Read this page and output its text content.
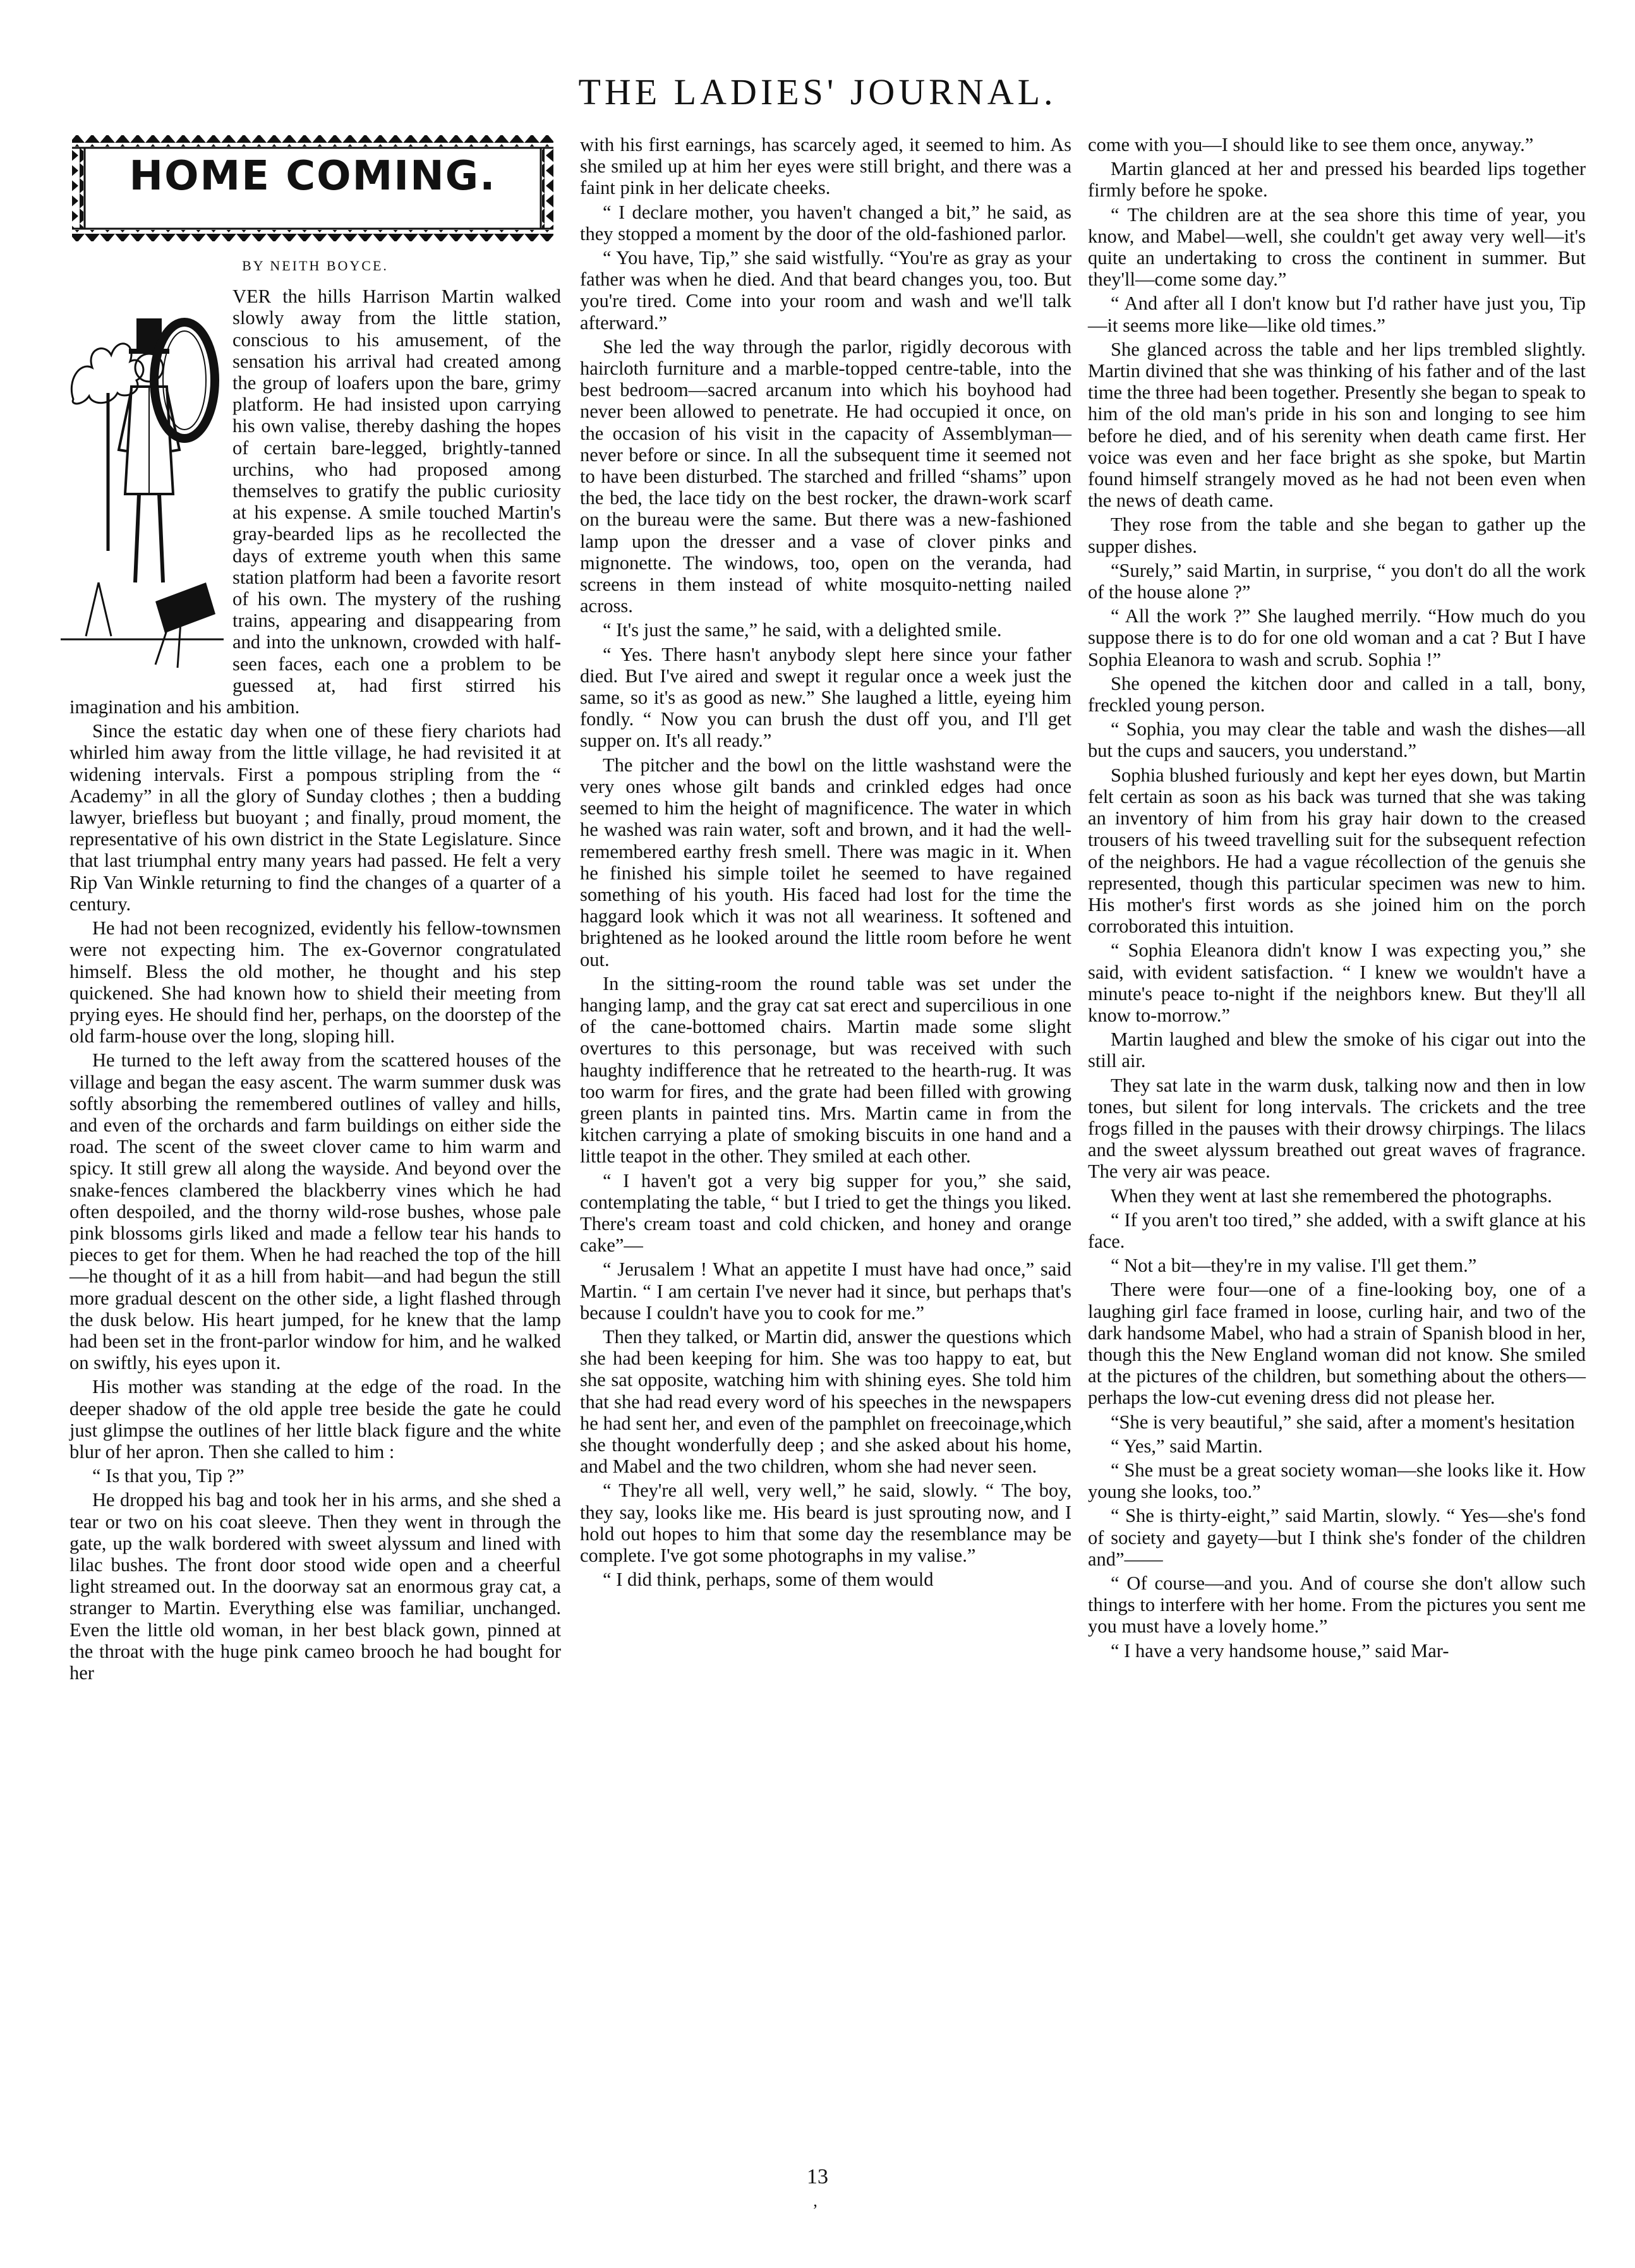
THE LADIES' JOURNAL.
HOME COMING.
BY NEITH BOYCE.

VER the hills Harrison Martin walked slowly away from the little station, conscious to his amusement, of the sensation his arrival had created among the group of loafers upon the bare, grimy platform. He had insisted upon carrying his own valise, thereby dashing the hopes of certain bare-legged, brightly-tanned urchins, who had proposed among themselves to gratify the public curiosity at his expense. A smile touched Martin's gray-bearded lips as he recollected the days of extreme youth when this same station platform had been a favorite resort of his own. The mystery of the rushing trains, appearing and disappearing from and into the unknown, crowded with half-seen faces, each one a problem to be guessed at, had first stirred his imagination and his ambition.

Since the estatic day when one of these fiery chariots had whirled him away from the little village, he had revisited it at widening intervals. First a pompous stripling from the “ Academy” in all the glory of Sunday clothes ; then a budding lawyer, briefless but buoyant ; and finally, proud moment, the representative of his own district in the State Legislature. Since that last triumphal entry many years had passed. He felt a very Rip Van Winkle returning to find the changes of a quarter of a century.

He had not been recognized, evidently his fellow-townsmen were not expecting him. The ex-Governor congratulated himself. Bless the old mother, he thought and his step quickened. She had known how to shield their meeting from prying eyes. He should find her, perhaps, on the doorstep of the old farm-house over the long, sloping hill.

He turned to the left away from the scattered houses of the village and began the easy ascent. The warm summer dusk was softly absorbing the remembered outlines of valley and hills, and even of the orchards and farm buildings on either side the road. The scent of the sweet clover came to him warm and spicy. It still grew all along the wayside. And beyond over the snake-fences clambered the blackberry vines which he had often despoiled, and the thorny wild-rose bushes, whose pale pink blossoms girls liked and made a fellow tear his hands to pieces to get for them. When he had reached the top of the hill—he thought of it as a hill from habit—and had begun the still more gradual descent on the other side, a light flashed through the dusk below. His heart jumped, for he knew that the lamp had been set in the front-parlor window for him, and he walked on swiftly, his eyes upon it.

His mother was standing at the edge of the road. In the deeper shadow of the old apple tree beside the gate he could just glimpse the outlines of her little black figure and the white blur of her apron. Then she called to him :

“ Is that you, Tip ?”

He dropped his bag and took her in his arms, and she shed a tear or two on his coat sleeve. Then they went in through the gate, up the walk bordered with sweet alyssum and lined with lilac bushes. The front door stood wide open and a cheerful light streamed out. In the doorway sat an enormous gray cat, a stranger to Martin. Everything else was familiar, unchanged. Even the little old woman, in her best black gown, pinned at the throat with the huge pink cameo brooch he had bought for her

with his first earnings, has scarcely aged, it seemed to him. As she smiled up at him her eyes were still bright, and there was a faint pink in her delicate cheeks.

“ I declare mother, you haven't changed a bit,” he said, as they stopped a moment by the door of the old-fashioned parlor.

“ You have, Tip,” she said wistfully. “You're as gray as your father was when he died. And that beard changes you, too. But you're tired. Come into your room and wash and we'll talk afterward.”

She led the way through the parlor, rigidly decorous with haircloth furniture and a marble-topped centre-table, into the best bedroom—sacred arcanum into which his boyhood had never been allowed to penetrate. He had occupied it once, on the occasion of his visit in the capacity of Assemblyman—never before or since. In all the subsequent time it seemed not to have been disturbed. The starched and frilled “shams” upon the bed, the lace tidy on the best rocker, the drawn-work scarf on the bureau were the same. But there was a new-fashioned lamp upon the dresser and a vase of clover pinks and mignonette. The windows, too, open on the veranda, had screens in them instead of white mosquito-netting nailed across.

“ It's just the same,” he said, with a delighted smile.

“ Yes. There hasn't anybody slept here since your father died. But I've aired and swept it regular once a week just the same, so it's as good as new.” She laughed a little, eyeing him fondly. “ Now you can brush the dust off you, and I'll get supper on. It's all ready.”

The pitcher and the bowl on the little washstand were the very ones whose gilt bands and crinkled edges had once seemed to him the height of magnificence. The water in which he washed was rain water, soft and brown, and it had the well-remembered earthy fresh smell. There was magic in it. When he finished his simple toilet he seemed to have regained something of his youth. His faced had lost for the time the haggard look which it was not all weariness. It softened and brightened as he looked around the little room before he went out.

In the sitting-room the round table was set under the hanging lamp, and the gray cat sat erect and supercilious in one of the cane-bottomed chairs. Martin made some slight overtures to this personage, but was received with such haughty indifference that he retreated to the hearth-rug. It was too warm for fires, and the grate had been filled with growing green plants in painted tins. Mrs. Martin came in from the kitchen carrying a plate of smoking biscuits in one hand and a little teapot in the other. They smiled at each other.

“ I haven't got a very big supper for you,” she said, contemplating the table, “ but I tried to get the things you liked. There's cream toast and cold chicken, and honey and orange cake”—

“ Jerusalem ! What an appetite I must have had once,” said Martin. “ I am certain I've never had it since, but perhaps that's because I couldn't have you to cook for me.”

Then they talked, or Martin did, answer the questions which she had been keeping for him. She was too happy to eat, but she sat opposite, watching him with shining eyes. She told him that she had read every word of his speeches in the newspapers he had sent her, and even of the pamphlet on freecoinage,which she thought wonderfully deep ; and she asked about his home, and Mabel and the two children, whom she had never seen.

“ They're all well, very well,” he said, slowly. “ The boy, they say, looks like me. His beard is just sprouting now, and I hold out hopes to him that some day the resemblance may be complete. I've got some photographs in my valise.”

“ I did think, perhaps, some of them would

come with you—I should like to see them once, anyway.”

Martin glanced at her and pressed his bearded lips together firmly before he spoke.

“ The children are at the sea shore this time of year, you know, and Mabel—well, she couldn't get away very well—it's quite an undertaking to cross the continent in summer. But they'll—come some day.”

“ And after all I don't know but I'd rather have just you, Tip—it seems more like—like old times.”

She glanced across the table and her lips trembled slightly. Martin divined that she was thinking of his father and of the last time the three had been together. Presently she began to speak to him of the old man's pride in his son and longing to see him before he died, and of his serenity when death came first. Her voice was even and her face bright as she spoke, but Martin found himself strangely moved as he had not been even when the news of death came.

They rose from the table and she began to gather up the supper dishes.

“Surely,” said Martin, in surprise, “ you don't do all the work of the house alone ?”

“ All the work ?” She laughed merrily. “How much do you suppose there is to do for one old woman and a cat ? But I have Sophia Eleanora to wash and scrub. Sophia !”

She opened the kitchen door and called in a tall, bony, freckled young person.

“ Sophia, you may clear the table and wash the dishes—all but the cups and saucers, you understand.”

Sophia blushed furiously and kept her eyes down, but Martin felt certain as soon as his back was turned that she was taking an inventory of him from his gray hair down to the creased trousers of his tweed travelling suit for the subsequent refection of the neighbors. He had a vague récollection of the genuis she represented, though this particular specimen was new to him. His mother's first words as she joined him on the porch corroborated this intuition.

“ Sophia Eleanora didn't know I was expecting you,” she said, with evident satisfaction. “ I knew we wouldn't have a minute's peace to-night if the neighbors knew. But they'll all know to-morrow.”

Martin laughed and blew the smoke of his cigar out into the still air.

They sat late in the warm dusk, talking now and then in low tones, but silent for long intervals. The crickets and the tree frogs filled in the pauses with their drowsy chirpings. The lilacs and the sweet alyssum breathed out great waves of fragrance. The very air was peace.

When they went at last she remembered the photographs.

“ If you aren't too tired,” she added, with a swift glance at his face.

“ Not a bit—they're in my valise. I'll get them.”

There were four—one of a fine-looking boy, one of a laughing girl face framed in loose, curling hair, and two of the dark handsome Mabel, who had a strain of Spanish blood in her, though this the New England woman did not know. She smiled at the pictures of the children, but something about the others—perhaps the low-cut evening dress did not please her.

“She is very beautiful,” she said, after a moment's hesitation

“ Yes,” said Martin.

“ She must be a great society woman—she looks like it. How young she looks, too.”

“ She is thirty-eight,” said Martin, slowly. “ Yes—she's fond of society and gayety—but I think she's fonder of the children and”——

“ Of course—and you. And of course she don't allow such things to interfere with her home. From the pictures you sent me you must have a lovely home.”

“ I have a very handsome house,” said Mar-

13
ʼ
